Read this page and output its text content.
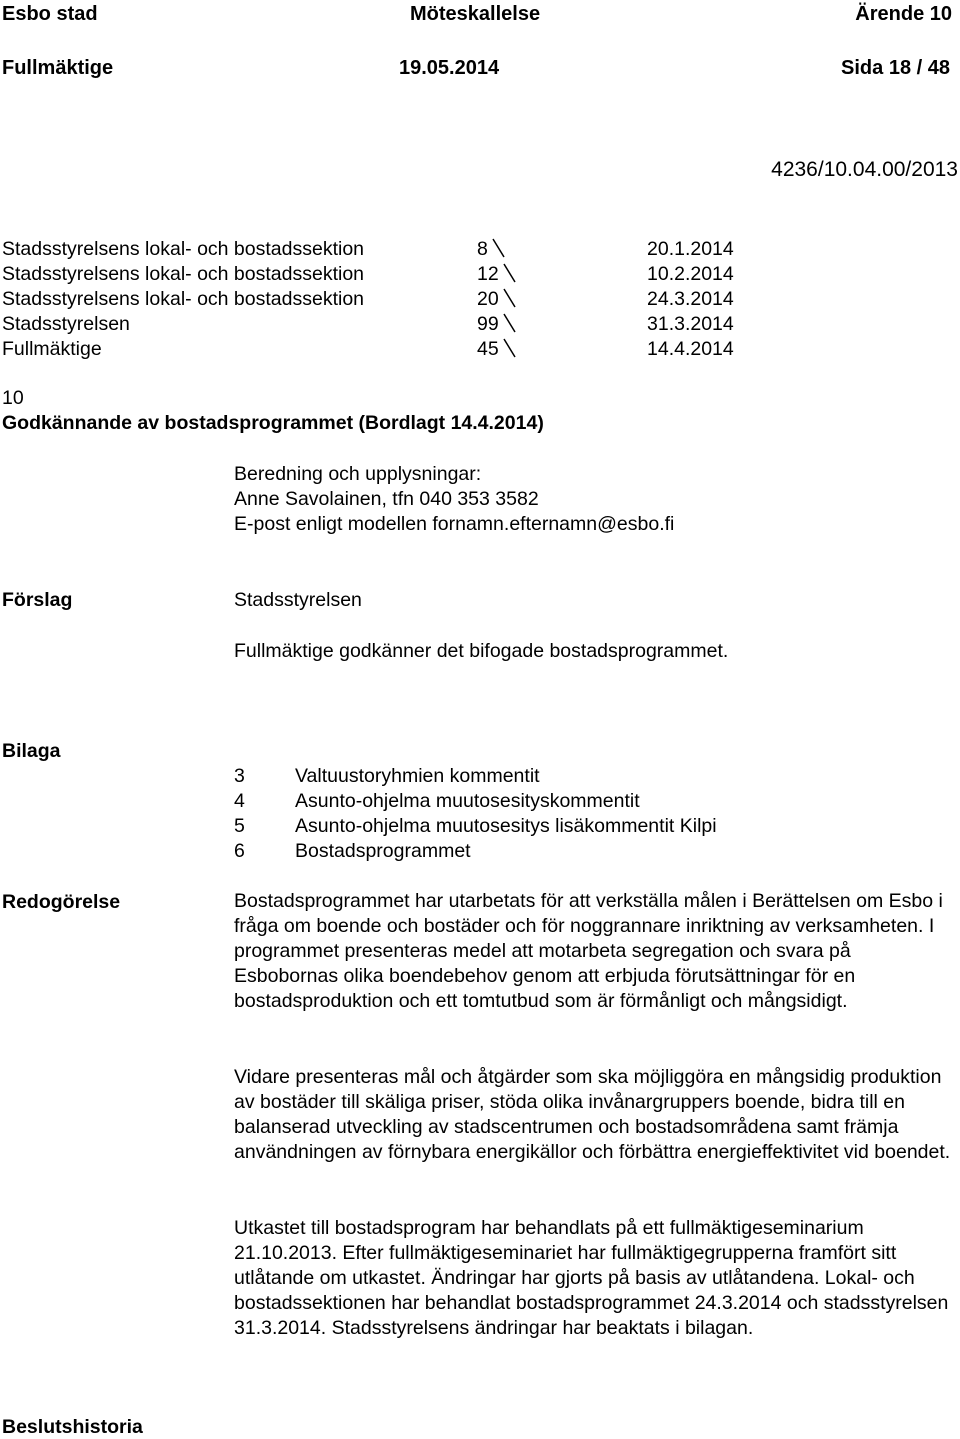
Esbo stad	Möteskallelse	Ärende 10
Fullmäktige	19.05.2014	Sida 18 / 48
4236/10.04.00/2013
Stadsstyrelsens lokal- och bostadssektion	8	20.1.2014
Stadsstyrelsens lokal- och bostadssektion	12	10.2.2014
Stadsstyrelsens lokal- och bostadssektion	20	24.3.2014
Stadsstyrelsen	99	31.3.2014
Fullmäktige	45	14.4.2014
10
Godkännande av bostadsprogrammet (Bordlagt 14.4.2014)
Beredning och upplysningar:
Anne Savolainen, tfn 040 353 3582
E-post enligt modellen fornamn.efternamn@esbo.fi
Förslag	Stadsstyrelsen
Fullmäktige godkänner det bifogade bostadsprogrammet.
Bilaga
3	Valtuustoryhmien kommentit
4	Asunto-ohjelma muutosesityskommentit
5	Asunto-ohjelma muutosesitys lisäkommentit Kilpi
6	Bostadsprogrammet
Redogörelse	Bostadsprogrammet har utarbetats för att verkställa målen i Berättelsen om Esbo i fråga om boende och bostäder och för noggrannare inriktning av verksamheten. I programmet presenteras medel att motarbeta segregation och svara på Esbobornas olika boendebehov genom att erbjuda förutsättningar för en bostadsproduktion och ett tomtutbud som är förmånligt och mångsidigt.
Vidare presenteras mål och åtgärder som ska möjliggöra en mångsidig produktion av bostäder till skäliga priser, stöda olika invånargruppers boende, bidra till en balanserad utveckling av stadscentrumen och bostadsområdena samt främja användningen av förnybara energikällor och förbättra energieffektivitet vid boendet.
Utkastet till bostadsprogram har behandlats på ett fullmäktigeseminarium 21.10.2013. Efter fullmäktigeseminariet har fullmäktigegrupperna framfört sitt utlåtande om utkastet. Ändringar har gjorts på basis av utlåtandena. Lokal- och bostadssektionen har behandlat bostadsprogrammet 24.3.2014 och stadsstyrelsen 31.3.2014. Stadsstyrelsens ändringar har beaktats i bilagan.
Beslutshistoria
